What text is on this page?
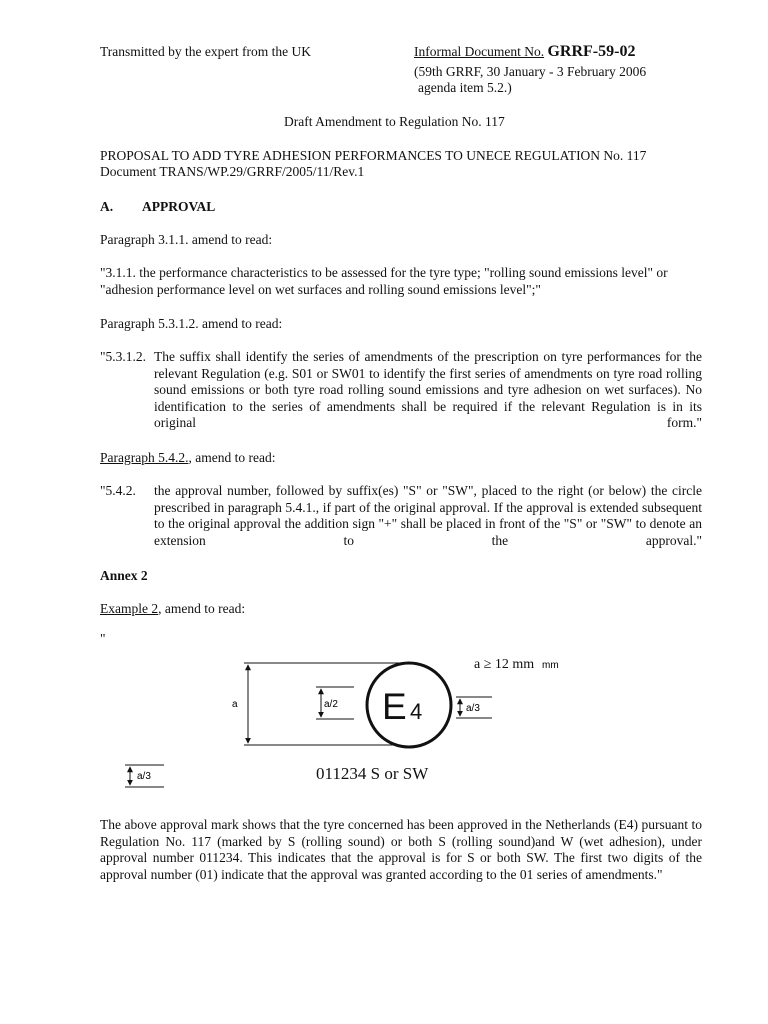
Transmitted by the expert from the UK	Informal Document No. GRRF-59-02
(59th GRRF, 30 January - 3 February 2006
agenda item 5.2.)
Draft Amendment to Regulation No. 117
PROPOSAL TO ADD TYRE ADHESION PERFORMANCES TO UNECE REGULATION No. 117
Document TRANS/WP.29/GRRF/2005/11/Rev.1
A. APPROVAL
Paragraph 3.1.1. amend to read:
"3.1.1. the performance characteristics to be assessed for the tyre type; "rolling sound emissions level" or "adhesion performance level on wet surfaces and rolling sound emissions level";"
Paragraph 5.3.1.2. amend to read:
"5.3.1.2. The suffix shall identify the series of amendments of the prescription on tyre performances for the relevant Regulation (e.g. S01 or SW01 to identify the first series of amendments on tyre road rolling sound emissions or both tyre road rolling sound emissions and tyre adhesion on wet surfaces). No identification to the series of amendments shall be required if the relevant Regulation is in its original form."
Paragraph 5.4.2., amend to read:
"5.4.2. the approval number, followed by suffix(es) "S" or "SW", placed to the right (or below) the circle prescribed in paragraph 5.4.1., if part of the original approval. If the approval is extended subsequent to the original approval the addition sign "+" shall be placed in front of the "S" or "SW" to denote an extension to the approval."
Annex 2
Example 2, amend to read:
"
a	a/2 E 4	a/3
a ≥ 12 mm mm
a/3	011234 S or SW
The above approval mark shows that the tyre concerned has been approved in the Netherlands (E4) pursuant to Regulation No. 117 (marked by S (rolling sound) or both S (rolling sound)and W (wet adhesion), under approval number 011234. This indicates that the approval is for S or both SW. The first two digits of the approval number (01) indicate that the approval was granted according to the 01 series of amendments."
